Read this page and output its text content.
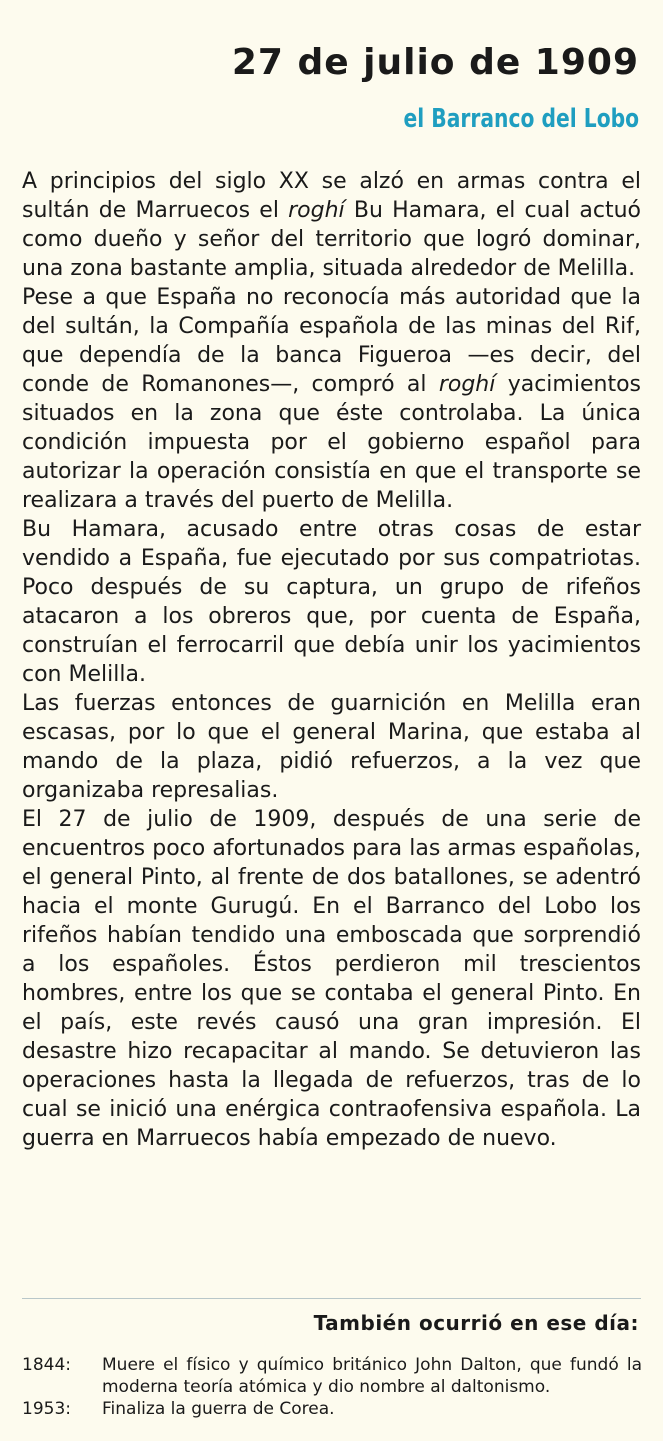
27 de julio de 1909
el Barranco del Lobo

A principios del siglo XX se alzó en armas contra el sultán de Marruecos el roghí Bu Hamara, el cual actuó como dueño y señor del territorio que logró dominar, una zona bastante amplia, situada alrededor de Melilla.

Pese a que España no reconocía más autoridad que la del sultán, la Compañía española de las minas del Rif, que dependía de la banca Figueroa —es decir, del conde de Romanones—, compró al roghí yacimientos situados en la zona que éste controlaba. La única condición impuesta por el gobierno español para autorizar la operación consistía en que el transporte se realizara a través del puerto de Melilla.

Bu Hamara, acusado entre otras cosas de estar vendido a España, fue ejecutado por sus compatriotas. Poco después de su captura, un grupo de rifeños atacaron a los obreros que, por cuenta de España, construían el ferrocarril que debía unir los yacimientos con Melilla.

Las fuerzas entonces de guarnición en Melilla eran escasas, por lo que el general Marina, que estaba al mando de la plaza, pidió refuerzos, a la vez que organizaba represalias.

El 27 de julio de 1909, después de una serie de encuentros poco afortunados para las armas españolas, el general Pinto, al frente de dos batallones, se adentró hacia el monte Gurugú. En el Barranco del Lobo los rifeños habían tendido una emboscada que sorprendió a los españoles. Éstos perdieron mil trescientos hombres, entre los que se contaba el general Pinto. En el país, este revés causó una gran impresión. El desastre hizo recapacitar al mando. Se detuvieron las operaciones hasta la llegada de refuerzos, tras de lo cual se inició una enérgica contraofensiva española. La guerra en Marruecos había empezado de nuevo.

También ocurrió en ese día:
1844:	Muere el físico y químico británico John Dalton, que fundó la moderna teoría atómica y dio nombre al daltonismo.
1953:	Finaliza la guerra de Corea.
